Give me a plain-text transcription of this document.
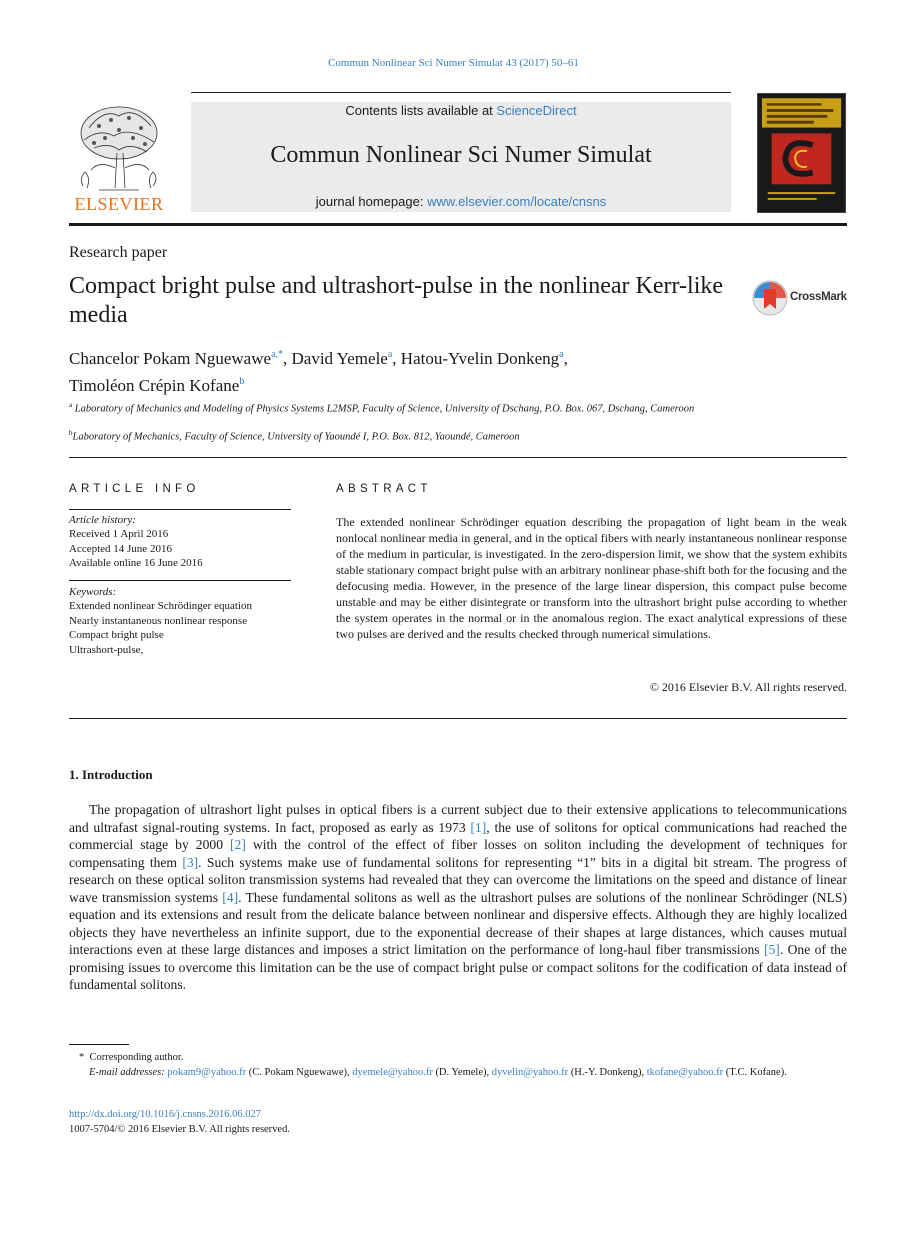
Commun Nonlinear Sci Numer Simulat 43 (2017) 50–61
ELSEVIER
Contents lists available at ScienceDirect
Commun Nonlinear Sci Numer Simulat
journal homepage: www.elsevier.com/locate/cnsns
Research paper
Compact bright pulse and ultrashort-pulse in the nonlinear Kerr-like media
CrossMark
Chancelor Pokam Nguewawe$^{a,*}$, David Yemele$^a$, Hatou-Yvelin Donkeng$^a$,
Timoléon Crépin Kofane$^b$
$^a$ Laboratory of Mechanics and Modeling of Physics Systems L2MSP, Faculty of Science, University of Dschang, P.O. Box. 067, Dschang, Cameroon
$^b$Laboratory of Mechanics, Faculty of Science, University of Yaoundé I, P.O. Box. 812, Yaoundé, Cameroon
ARTICLE INFO	ABSTRACT
Article history:
Received 1 April 2016
Accepted 14 June 2016
Available online 16 June 2016
Keywords:
Extended nonlinear Schrödinger equation
Nearly instantaneous nonlinear response
Compact bright pulse
Ultrashort-pulse,
The extended nonlinear Schrödinger equation describing the propagation of light beam in the weak nonlocal nonlinear media in general, and in the optical fibers with nearly instantaneous nonlinear response of the medium in particular, is investigated. In the zero-dispersion limit, we show that the system exhibits stable stationary compact bright pulse with an arbitrary nonlinear phase-shift both for the focusing and the defocusing media. However, in the presence of the large linear dispersion, this compact pulse become unstable and may be either disintegrate or transform into the ultrashort bright pulse according to whether the system operates in the normal or in the anomalous region. The exact analytical expressions of these two pulses are derived and the results checked through numerical simulations.
© 2016 Elsevier B.V. All rights reserved.
1. Introduction
The propagation of ultrashort light pulses in optical fibers is a current subject due to their extensive applications to telecommunications and ultrafast signal-routing systems. In fact, proposed as early as 1973 [1], the use of solitons for optical communications had reached the commercial stage by 2000 [2] with the control of the effect of fiber losses on soliton including the development of techniques for compensating them [3]. Such systems make use of fundamental solitons for representing “1” bits in a digital bit stream. The progress of research on these optical soliton transmission systems had revealed that they can overcome the limitations on the speed and distance of linear wave transmission systems [4]. These fundamental solitons as well as the ultrashort pulses are solutions of the nonlinear Schrödinger (NLS) equation and its extensions and result from the delicate balance between nonlinear and dispersive effects. Although they are highly localized objects they have nevertheless an infinite support, due to the exponential decrease of their shapes at large distances, which causes mutual interactions even at these large distances and imposes a strict limitation on the performance of long-haul fiber transmissions [5]. One of the promising issues to overcome this limitation can be the use of compact bright pulse or compact solitons for the codification of data instead of fundamental solitons.
* Corresponding author.
E-mail addresses: pokam9@yahoo.fr (C. Pokam Nguewawe), dyemele@yahoo.fr (D. Yemele), dyvelin@yahoo.fr (H.-Y. Donkeng), tkofane@yahoo.fr (T.C. Kofane).
http://dx.doi.org/10.1016/j.cnsns.2016.06.027
1007-5704/© 2016 Elsevier B.V. All rights reserved.
